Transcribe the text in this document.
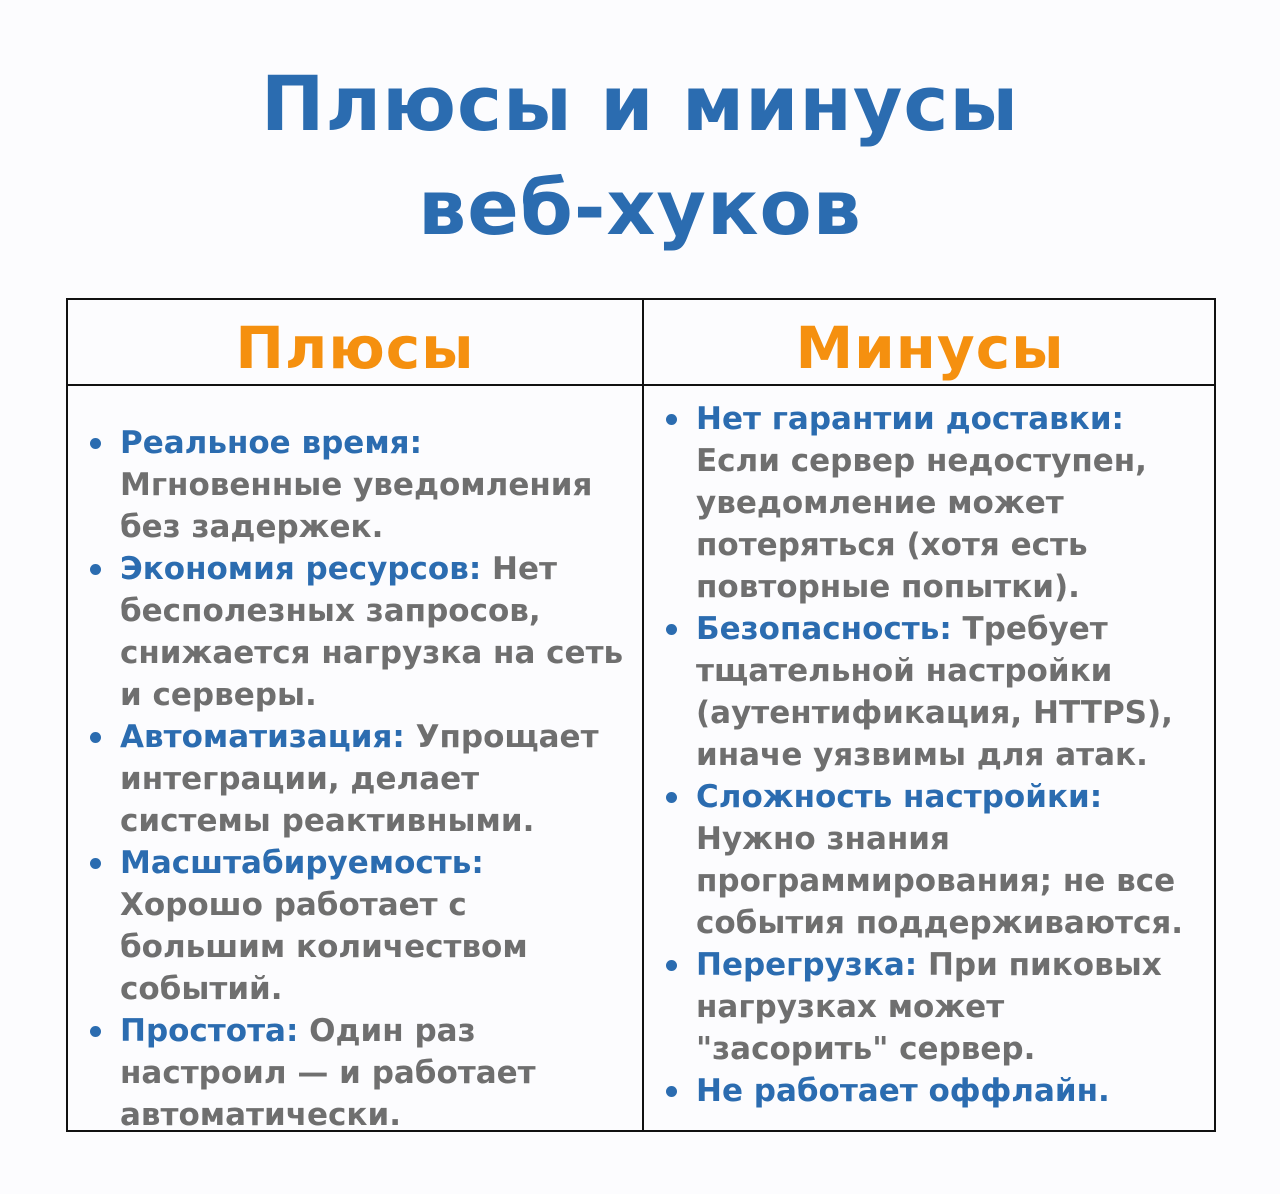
Плюсы и минусы
веб-хуков
Плюсы	Минусы
Реальное время: Мгновенные уведомления без задержек.
Экономия ресурсов: Нет бесполезных запросов, снижается нагрузка на сеть и серверы.
Автоматизация: Упрощает интеграции, делает системы реактивными.
Масштабируемость: Хорошо работает с большим количеством событий.
Простота: Один раз настроил — и работает автоматически.
Нет гарантии доставки: Если сервер недоступен, уведомление может потеряться (хотя есть повторные попытки).
Безопасность: Требует тщательной настройки (аутентификация, HTTPS), иначе уязвимы для атак.
Сложность настройки: Нужно знания программирования; не все события поддерживаются.
Перегрузка: При пиковых нагрузках может "засорить" сервер.
Не работает оффлайн.
